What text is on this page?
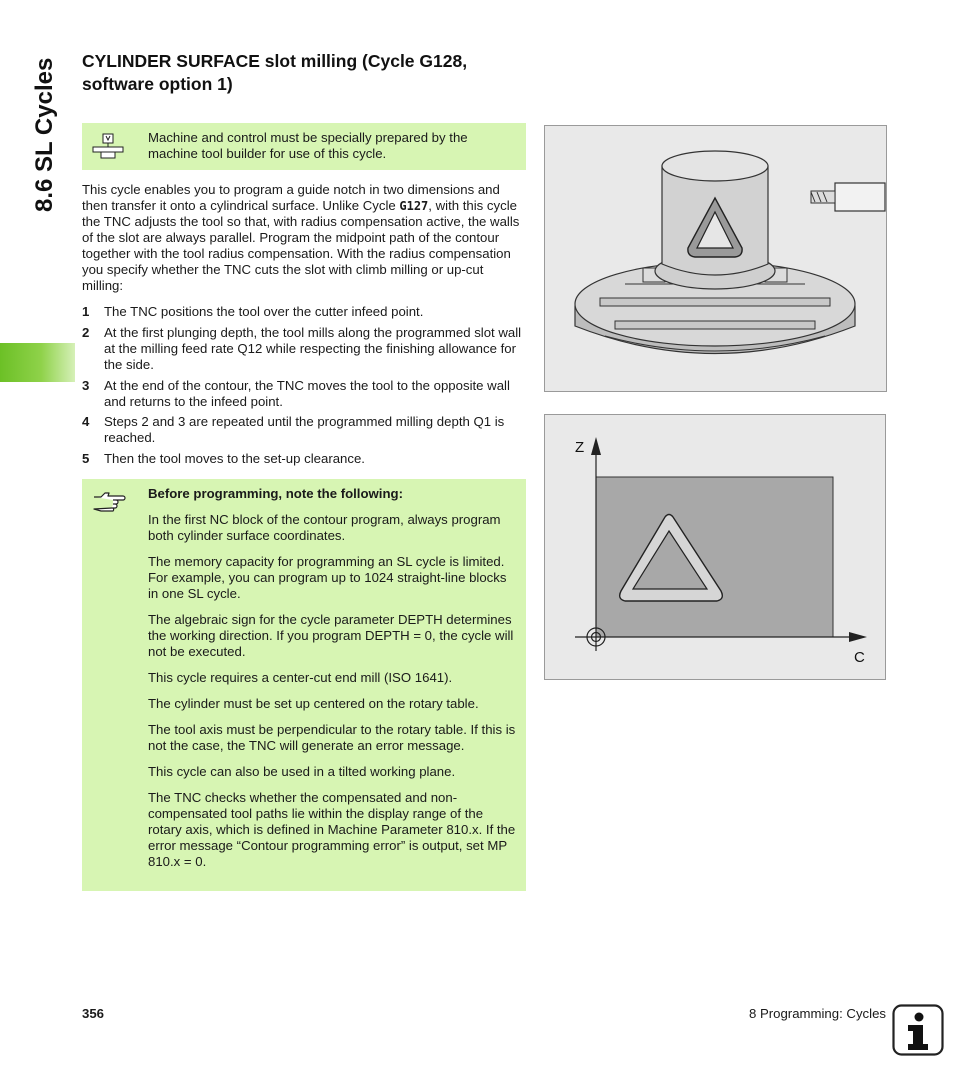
8.6 SL Cycles CYLINDER SURFACE slot milling (Cycle G128, software option 1)
Machine and control must be specially prepared by the machine tool builder for use of this cycle.

This cycle enables you to program a guide notch in two dimensions and then transfer it onto a cylindrical surface. Unlike Cycle G127, with this cycle the TNC adjusts the tool so that, with radius compensation active, the walls of the slot are always parallel. Program the midpoint path of the contour together with the tool radius compensation. With the radius compensation you specify whether the TNC cuts the slot with climb milling or up-cut milling:

1 The TNC positions the tool over the cutter infeed point.
2 At the first plunging depth, the tool mills along the programmed slot wall at the milling feed rate Q12 while respecting the finishing allowance for the side.
3 At the end of the contour, the TNC moves the tool to the opposite wall and returns to the infeed point.
4 Steps 2 and 3 are repeated until the programmed milling depth Q1 is reached.
5 Then the tool moves to the set-up clearance.

Before programming, note the following:

In the first NC block of the contour program, always program both cylinder surface coordinates.

The memory capacity for programming an SL cycle is limited. For example, you can program up to 1024 straight-line blocks in one SL cycle.

The algebraic sign for the cycle parameter DEPTH determines the working direction. If you program DEPTH = 0, the cycle will not be executed.

This cycle requires a center-cut end mill (ISO 1641).

The cylinder must be set up centered on the rotary table.

The tool axis must be perpendicular to the rotary table. If this is not the case, the TNC will generate an error message.

This cycle can also be used in a tilted working plane.

The TNC checks whether the compensated and non-compensated tool paths lie within the display range of the rotary axis, which is defined in Machine Parameter 810.x. If the error message “Contour programming error” is output, set MP 810.x = 0.

Z
C
356	8 Programming: Cycles
